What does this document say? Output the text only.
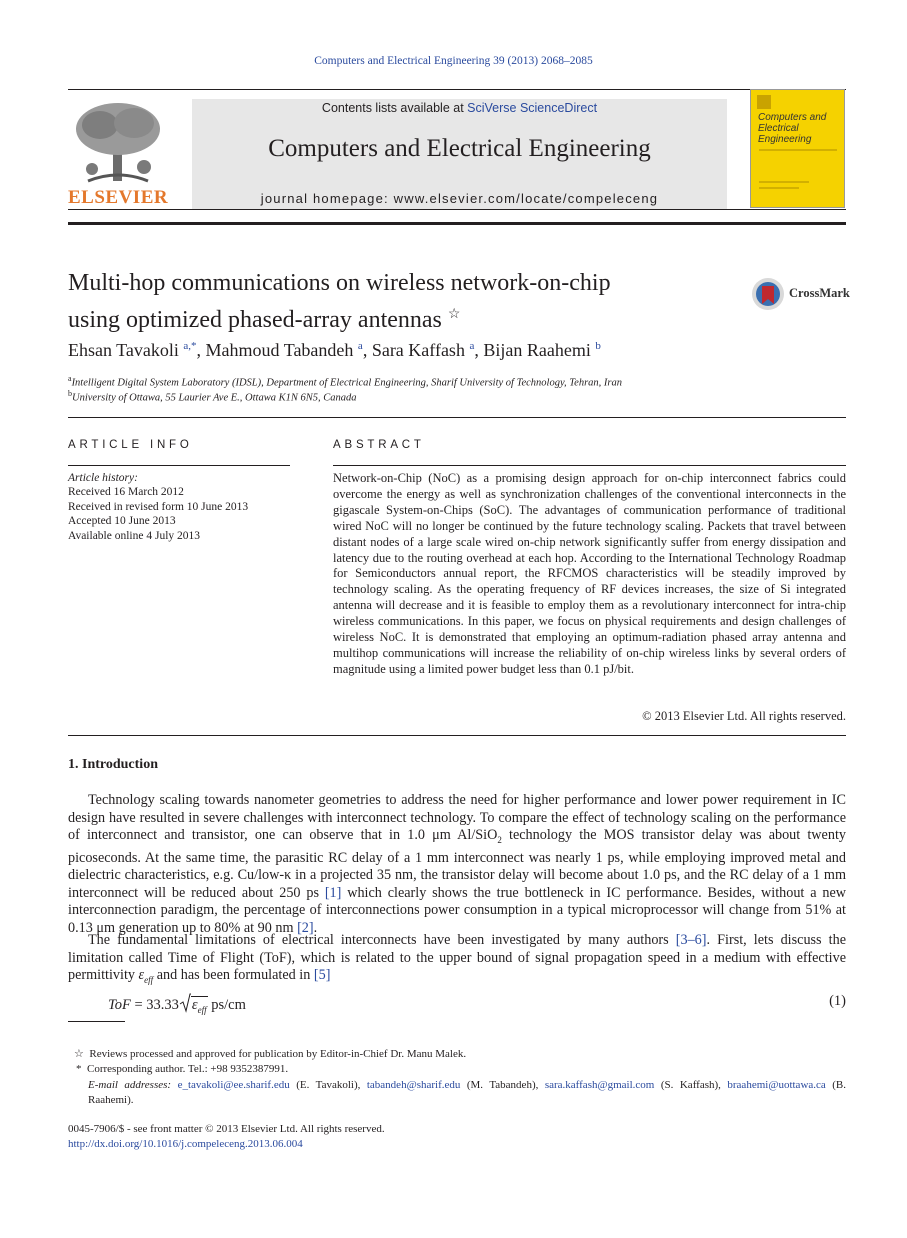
Computers and Electrical Engineering 39 (2013) 2068–2085
ELSEVIER
Contents lists available at SciVerse ScienceDirect
Computers and Electrical Engineering
journal homepage: www.elsevier.com/locate/compeleceng
Computers and
Electrical Engineering
Multi-hop communications on wireless network-on-chip
using optimized phased-array antennas ☆
CrossMark
Ehsan Tavakoli $^{a,*}$, Mahmoud Tabandeh $^a$, Sara Kaffash $^a$, Bijan Raahemi $^b$
$^a$Intelligent Digital System Laboratory (IDSL), Department of Electrical Engineering, Sharif University of Technology, Tehran, Iran
$^b$University of Ottawa, 55 Laurier Ave E., Ottawa K1N 6N5, Canada
ARTICLE INFO
Article history:
Received 16 March 2012
Received in revised form 10 June 2013
Accepted 10 June 2013
Available online 4 July 2013
ABSTRACT
Network-on-Chip (NoC) as a promising design approach for on-chip interconnect fabrics could overcome the energy as well as synchronization challenges of the conventional interconnects in the gigascale System-on-Chips (SoC). The advantages of communication performance of traditional wired NoC will no longer be continued by the future technology scaling. Packets that travel between distant nodes of a large scale wired on-chip network significantly suffer from energy dissipation and latency due to the routing overhead at each hop. According to the International Technology Roadmap for Semiconductors annual report, the RFCMOS characteristics will be steadily improved by technology scaling. As the operating frequency of RF devices increases, the size of Si integrated antenna will decrease and it is feasible to employ them as a revolutionary interconnect for intra-chip wireless communications. In this paper, we focus on physical requirements and design challenges of wireless NoC. It is demonstrated that employing an optimum-radiation phased array antenna and multihop communications will increase the reliability of on-chip wireless links by several orders of magnitude using a limited power budget less than 0.1 pJ/bit.
© 2013 Elsevier Ltd. All rights reserved.
1. Introduction

Technology scaling towards nanometer geometries to address the need for higher performance and lower power requirement in IC design have resulted in severe challenges with interconnect technology. To compare the effect of technology scaling on the performance of interconnect and transistor, one can observe that in 1.0 μm Al/SiO$_2$ technology the MOS transistor delay was about twenty picoseconds. At the same time, the parasitic RC delay of a 1 mm interconnect was nearly 1 ps, while employing improved metal and dielectric characteristics, e.g. Cu/low-κ in a projected 35 nm, the transistor delay will become about 1.0 ps, and the RC delay of a 1 mm interconnect will be reduced about 250 ps [1] which clearly shows the true bottleneck in IC performance. Besides, without a new interconnection paradigm, the percentage of interconnections power consumption in a typical microprocessor will change from 51% at 0.13 μm generation up to 80% at 90 nm [2].

The fundamental limitations of electrical interconnects have been investigated by many authors [3–6]. First, lets discuss the limitation called Time of Flight (ToF), which is related to the upper bound of signal propagation speed in a medium with effective permittivity $\varepsilon_{eff}$ and has been formulated in [5]

ToF = 33.33 $\varepsilon_{eff}$ ps/cm	(1)
☆ Reviews processed and approved for publication by Editor-in-Chief Dr. Manu Malek.
* Corresponding author. Tel.: +98 9352387991.
E-mail addresses: e_tavakoli@ee.sharif.edu (E. Tavakoli), tabandeh@sharif.edu (M. Tabandeh), sara.kaffash@gmail.com (S. Kaffash), braahemi@uottawa.ca (B. Raahemi).
0045-7906/$ - see front matter © 2013 Elsevier Ltd. All rights reserved.
http://dx.doi.org/10.1016/j.compeleceng.2013.06.004
